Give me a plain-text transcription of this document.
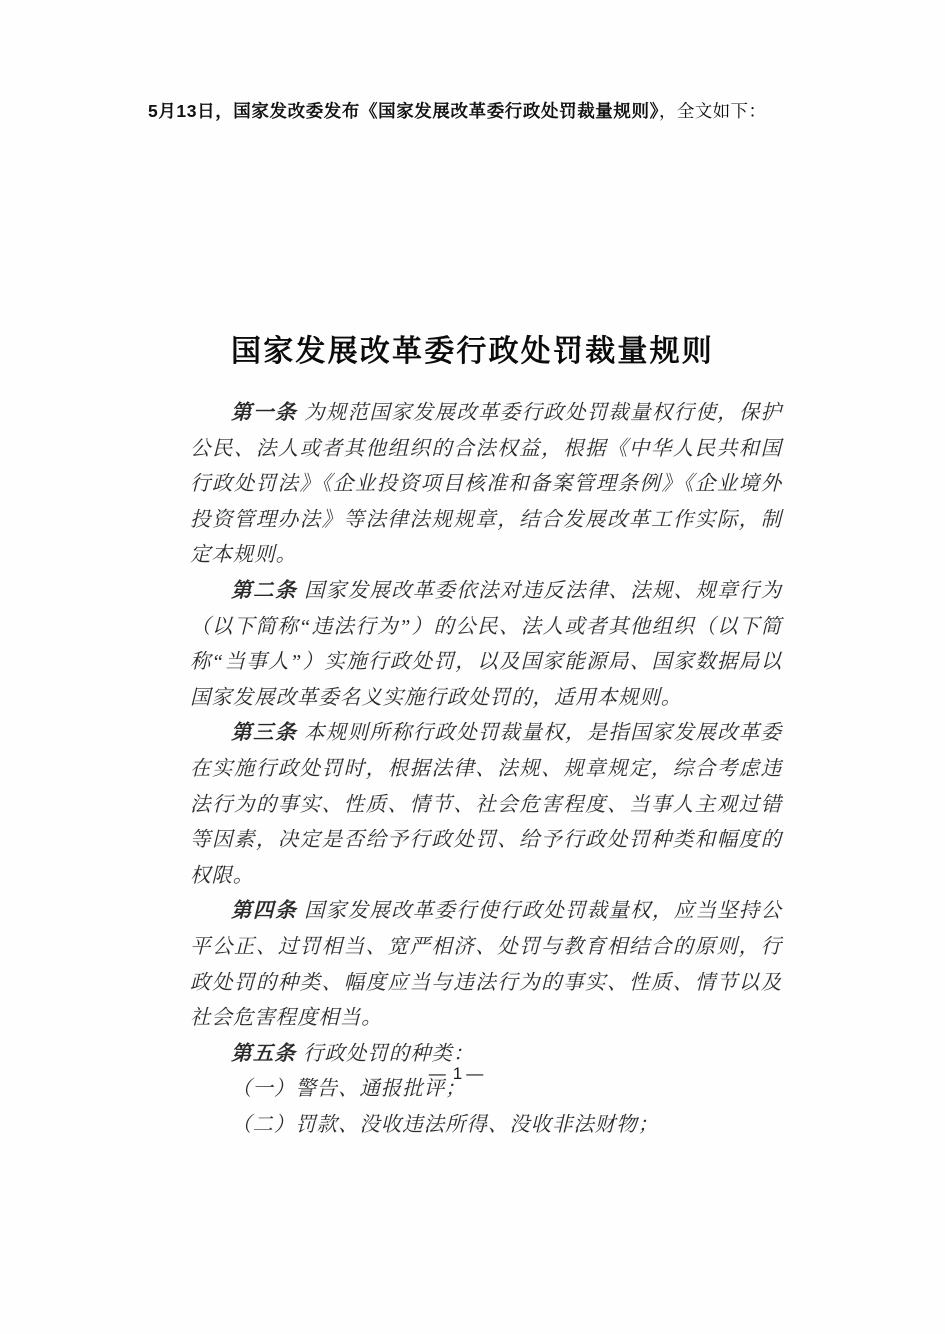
5月13日，国家发改委发布《国家发展改革委行政处罚裁量规则》，全文如下：
国家发展改革委行政处罚裁量规则

第一条 为规范国家发展改革委行政处罚裁量权行使，保护公民、法人或者其他组织的合法权益，根据《中华人民共和国行政处罚法》《企业投资项目核准和备案管理条例》《企业境外投资管理办法》等法律法规规章，结合发展改革工作实际，制定本规则。

第二条 国家发展改革委依法对违反法律、法规、规章行为（以下简称“违法行为”）的公民、法人或者其他组织（以下简称“当事人”）实施行政处罚，以及国家能源局、国家数据局以国家发展改革委名义实施行政处罚的，适用本规则。

第三条 本规则所称行政处罚裁量权，是指国家发展改革委在实施行政处罚时，根据法律、法规、规章规定，综合考虑违法行为的事实、性质、情节、社会危害程度、当事人主观过错等因素，决定是否给予行政处罚、给予行政处罚种类和幅度的权限。

第四条 国家发展改革委行使行政处罚裁量权，应当坚持公平公正、过罚相当、宽严相济、处罚与教育相结合的原则，行政处罚的种类、幅度应当与违法行为的事实、性质、情节以及社会危害程度相当。

第五条 行政处罚的种类：

（一）警告、通报批评；

（二）罚款、没收违法所得、没收非法财物；

— 1 —
